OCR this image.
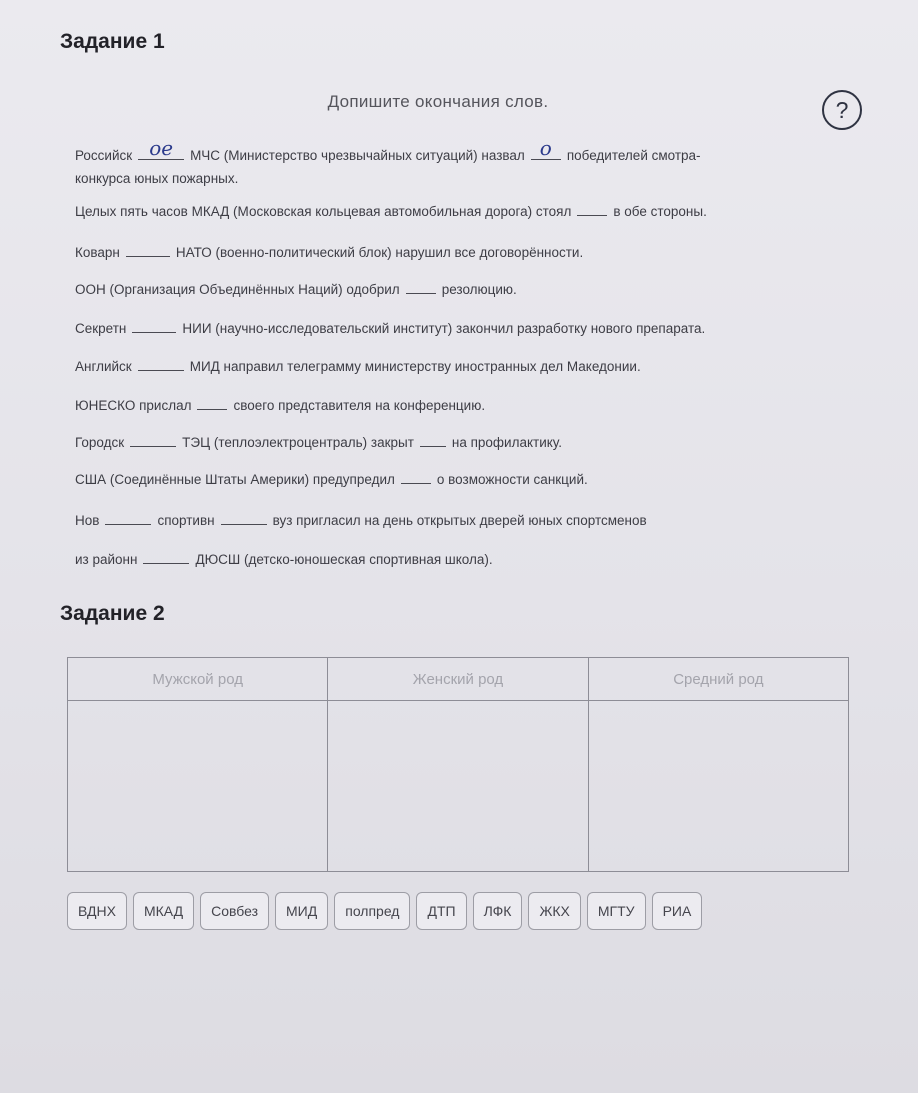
Задание 1
Допишите окончания слов.	?
Российск ое МЧС (Министерство чрезвычайных ситуаций) назвал о победителей смотра-
конкурса юных пожарных.
Целых пять часов МКАД (Московская кольцевая автомобильная дорога) стоял	в обе стороны.
Коварн	НАТО (военно-политический блок) нарушил все договорённости.
ООН (Организация Объединённых Наций) одобрил	резолюцию.
Секретн	НИИ (научно-исследовательский институт) закончил разработку нового препарата.
Английск	МИД направил телеграмму министерству иностранных дел Македонии.
ЮНЕСКО прислал	своего представителя на конференцию.
Городск	ТЭЦ (теплоэлектроцентраль) закрыт	на профилактику.
США (Соединённые Штаты Америки) предупредил	о возможности санкций.
Нов	спортивн	вуз пригласил на день открытых дверей юных спортсменов
из районн	ДЮСШ (детско-юношеская спортивная школа).
Задание 2
Мужской род	Женский род	Средний род

ВДНХ	МКАД	Совбез	МИД	полпред	ДТП	ЛФК	ЖКХ	МГТУ	РИА
